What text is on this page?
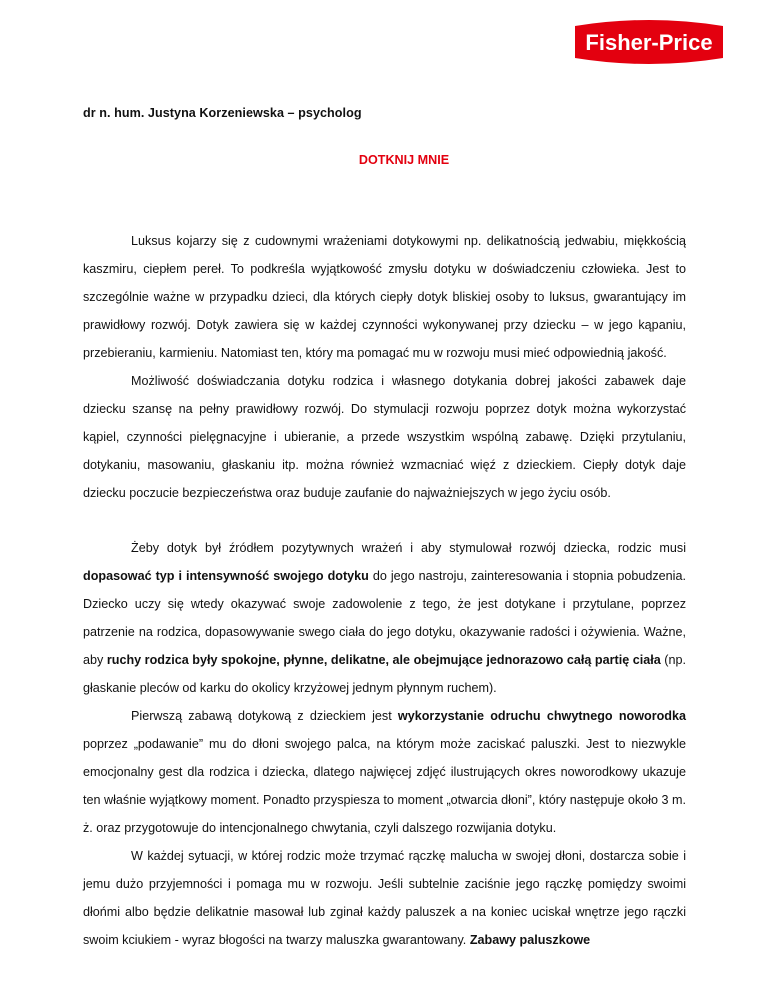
Fisher-Price
dr n. hum. Justyna Korzeniewska – psycholog
DOTKNIJ MNIE

Luksus kojarzy się z cudownymi wrażeniami dotykowymi np. delikatnością jedwabiu, miękkością kaszmiru, ciepłem pereł. To podkreśla wyjątkowość zmysłu dotyku w doświadczeniu człowieka. Jest to szczególnie ważne w przypadku dzieci, dla których ciepły dotyk bliskiej osoby to luksus, gwarantujący im prawidłowy rozwój. Dotyk zawiera się w każdej czynności wykonywanej przy dziecku – w jego kąpaniu, przebieraniu, karmieniu. Natomiast ten, który ma pomagać mu w rozwoju musi mieć odpowiednią jakość.

Możliwość doświadczania dotyku rodzica i własnego dotykania dobrej jakości zabawek daje dziecku szansę na pełny prawidłowy rozwój. Do stymulacji rozwoju poprzez dotyk można wykorzystać kąpiel, czynności pielęgnacyjne i ubieranie, a przede wszystkim wspólną zabawę. Dzięki przytulaniu, dotykaniu, masowaniu, głaskaniu itp. można również wzmacniać więź z dzieckiem. Ciepły dotyk daje dziecku poczucie bezpieczeństwa oraz buduje zaufanie do najważniejszych w jego życiu osób.

Żeby dotyk był źródłem pozytywnych wrażeń i aby stymulował rozwój dziecka, rodzic musi dopasować typ i intensywność swojego dotyku do jego nastroju, zainteresowania i stopnia pobudzenia. Dziecko uczy się wtedy okazywać swoje zadowolenie z tego, że jest dotykane i przytulane, poprzez patrzenie na rodzica, dopasowywanie swego ciała do jego dotyku, okazywanie radości i ożywienia. Ważne, aby ruchy rodzica były spokojne, płynne, delikatne, ale obejmujące jednorazowo całą partię ciała (np. głaskanie pleców od karku do okolicy krzyżowej jednym płynnym ruchem).

Pierwszą zabawą dotykową z dzieckiem jest wykorzystanie odruchu chwytnego noworodka poprzez „podawanie” mu do dłoni swojego palca, na którym może zaciskać paluszki. Jest to niezwykle emocjonalny gest dla rodzica i dziecka, dlatego najwięcej zdjęć ilustrujących okres noworodkowy ukazuje ten właśnie wyjątkowy moment. Ponadto przyspiesza to moment „otwarcia dłoni”, który następuje około 3 m. ż. oraz przygotowuje do intencjonalnego chwytania, czyli dalszego rozwijania dotyku.

W każdej sytuacji, w której rodzic może trzymać rączkę malucha w swojej dłoni, dostarcza sobie i jemu dużo przyjemności i pomaga mu w rozwoju. Jeśli subtelnie zaciśnie jego rączkę pomiędzy swoimi dłońmi albo będzie delikatnie masował lub zginał każdy paluszek a na koniec uciskał wnętrze jego rączki swoim kciukiem - wyraz błogości na twarzy maluszka gwarantowany. Zabawy paluszkowe
